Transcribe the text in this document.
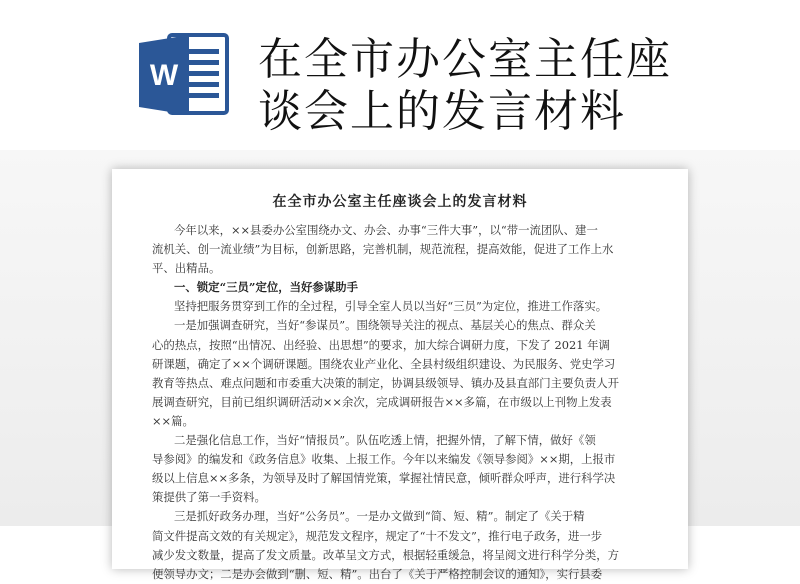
W 在全市办公室主任座
谈会上的发言材料
在全市办公室主任座谈会上的发言材料
今年以来，××县委办公室围绕办文、办会、办事“三件大事”，以“带一流团队、建一
流机关、创一流业绩”为目标，创新思路，完善机制，规范流程，提高效能，促进了工作上水
平、出精品。
一、锁定“三员”定位，当好参谋助手
坚持把服务贯穿到工作的全过程，引导全室人员以当好“三员”为定位，推进工作落实。
一是加强调查研究，当好“参谋员”。围绕领导关注的视点、基层关心的焦点、群众关
心的热点，按照“出情况、出经验、出思想”的要求，加大综合调研力度，下发了 2021 年调
研课题，确定了××个调研课题。围绕农业产业化、全县村级组织建设、为民服务、党史学习
教育等热点、难点问题和市委重大决策的制定，协调县级领导、镇办及县直部门主要负责人开
展调查研究，目前已组织调研活动××余次，完成调研报告××多篇，在市级以上刊物上发表
××篇。
二是强化信息工作，当好“情报员”。队伍吃透上情，把握外情，了解下情，做好《领
导参阅》的编发和《政务信息》收集、上报工作。今年以来编发《领导参阅》××期，上报市
级以上信息××多条，为领导及时了解国情党策，掌握社情民意，倾听群众呼声，进行科学决
策提供了第一手资料。
三是抓好政务办理，当好“公务员”。一是办文做到“简、短、精”。制定了《关于精
简文件提高文效的有关规定》，规范发文程序，规定了“十不发文”，推行电子政务，进一步
减少发文数量，提高了发文质量。改革呈文方式，根据轻重缓急，将呈阅文进行科学分类，方
便领导办文；二是办会做到“删、短、精”。出台了《关于严格控制会议的通知》，实行县委
